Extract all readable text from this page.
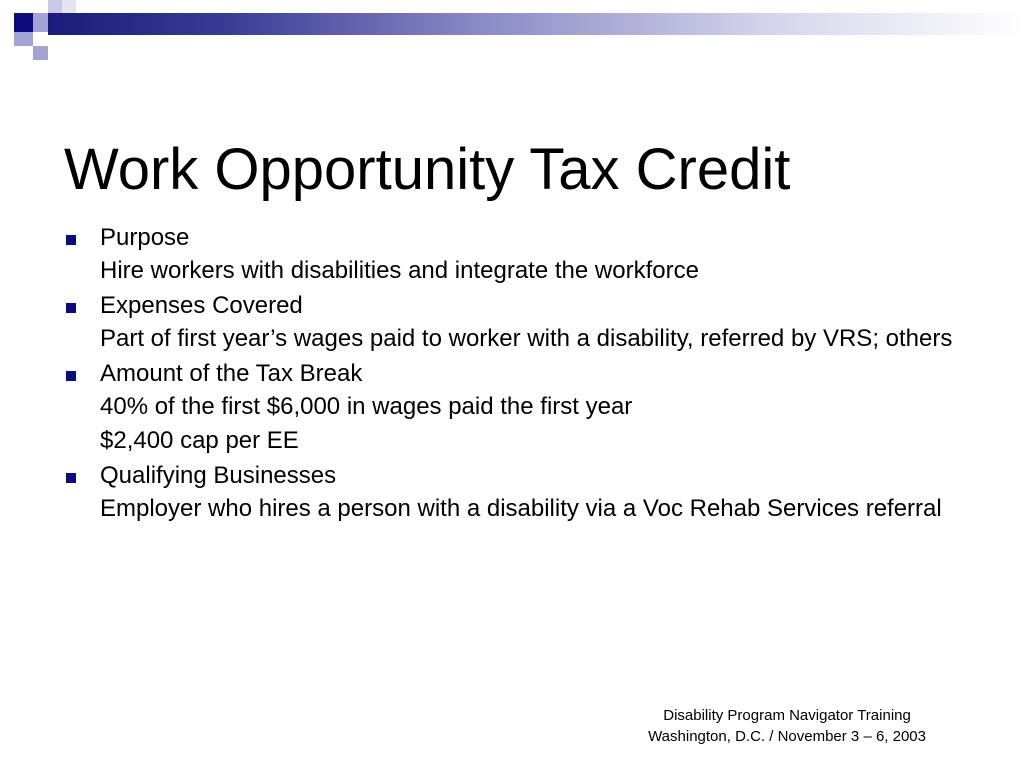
Work Opportunity Tax Credit
Purpose
Hire workers with disabilities and integrate the workforce
Expenses Covered
Part of first year’s wages paid to worker with a disability, referred by VRS; others
Amount of the Tax Break
40% of the first $6,000 in wages paid the first year
$2,400 cap per EE
Qualifying Businesses
Employer who hires a person with a disability via a Voc Rehab Services referral
Disability Program Navigator Training
Washington, D.C. / November 3 – 6, 2003
